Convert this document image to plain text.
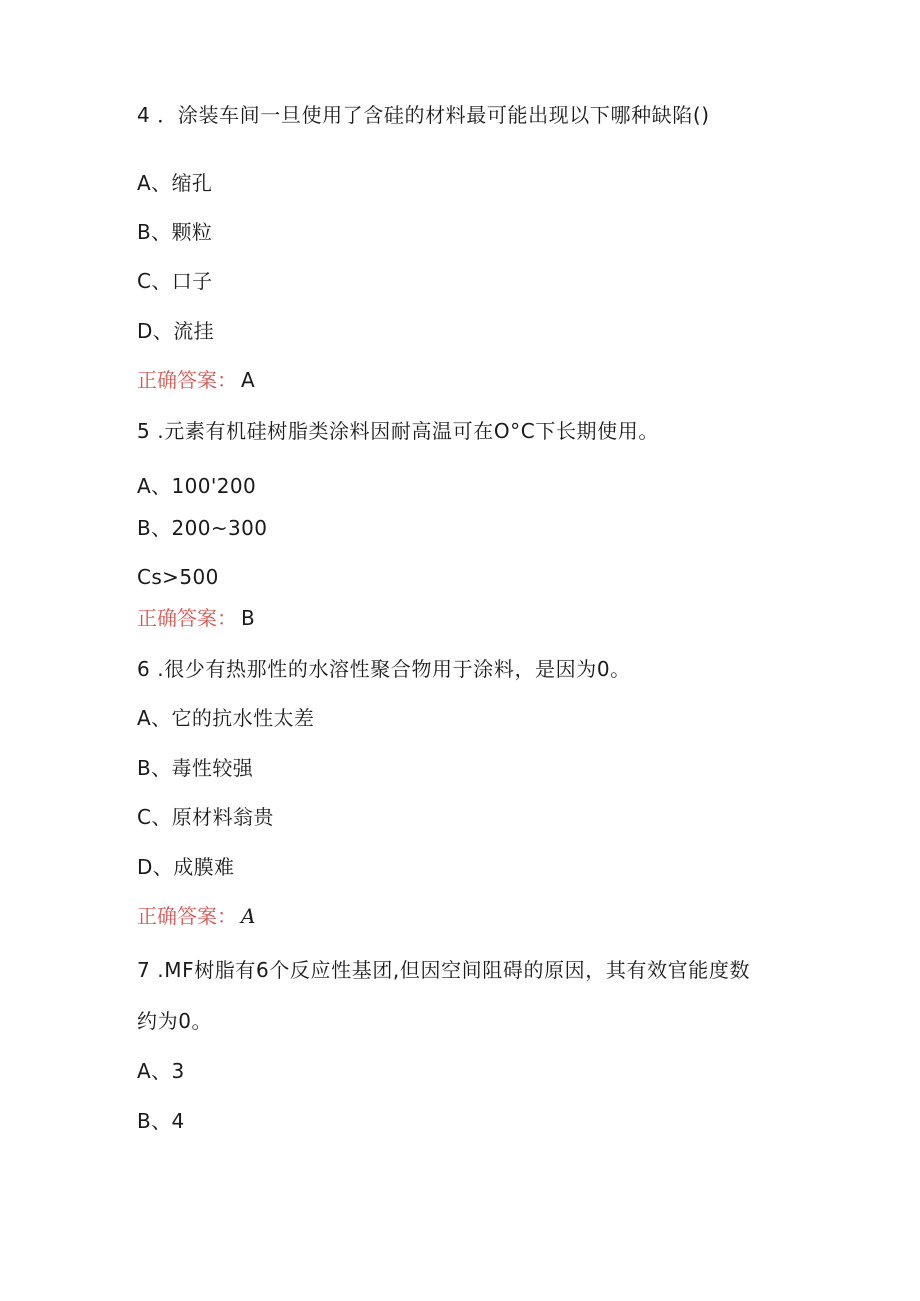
4 ．涂装车间一旦使用了含硅的材料最可能出现以下哪种缺陷()
A、缩孔
B、颗粒
C、口子
D、流挂
正确答案： A
5 .元素有机硅树脂类涂料因耐高温可在O°C下长期使用。
A、100'200
B、200~300
Cs>500
正确答案： B
6 .很少有热那性的水溶性聚合物用于涂料，是因为0。
A、它的抗水性太差
B、毒性较强
C、原材料翁贵
D、成膜难
正确答案： A
7 .MF树脂有6个反应性基团,但因空间阻碍的原因，其有效官能度数
约为0。
A、3
B、4
